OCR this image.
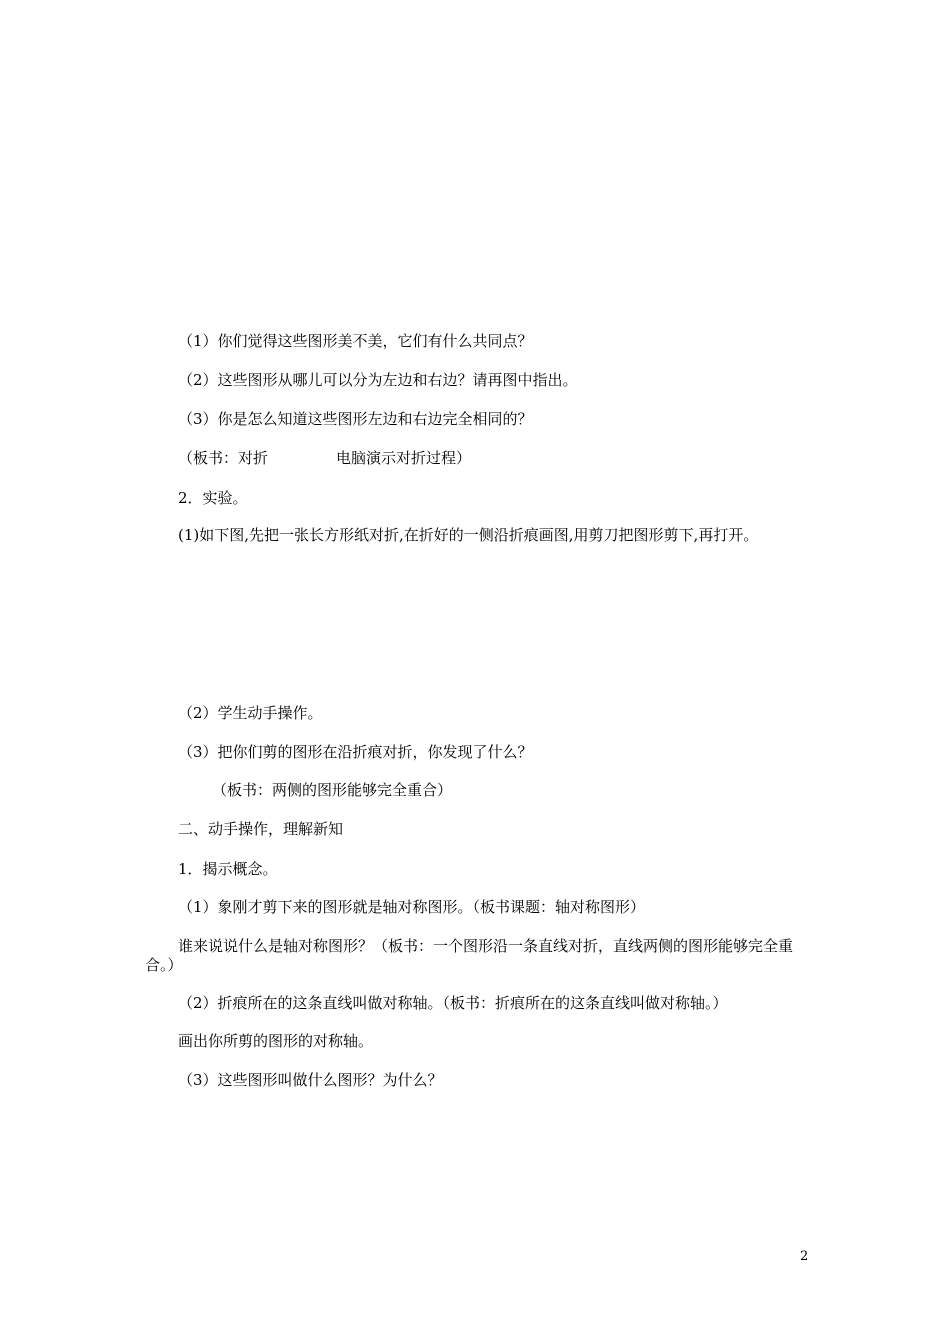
（1）你们觉得这些图形美不美，它们有什么共同点？
（2）这些图形从哪儿可以分为左边和右边？请再图中指出。
（3）你是怎么知道这些图形左边和右边完全相同的？
（板书：对折	电脑演示对折过程）
2．实验。
(1)如下图,先把一张长方形纸对折,在折好的一侧沿折痕画图,用剪刀把图形剪下,再打开。
（2）学生动手操作。
（3）把你们剪的图形在沿折痕对折，你发现了什么？
（板书：两侧的图形能够完全重合）
二、动手操作，理解新知
1．揭示概念。
（1）象刚才剪下来的图形就是轴对称图形。（板书课题：轴对称图形）
谁来说说什么是轴对称图形？（板书：一个图形沿一条直线对折，直线两侧的图形能够完全重合。）
（2）折痕所在的这条直线叫做对称轴。（板书：折痕所在的这条直线叫做对称轴。）
画出你所剪的图形的对称轴。
（3）这些图形叫做什么图形？为什么？
2
